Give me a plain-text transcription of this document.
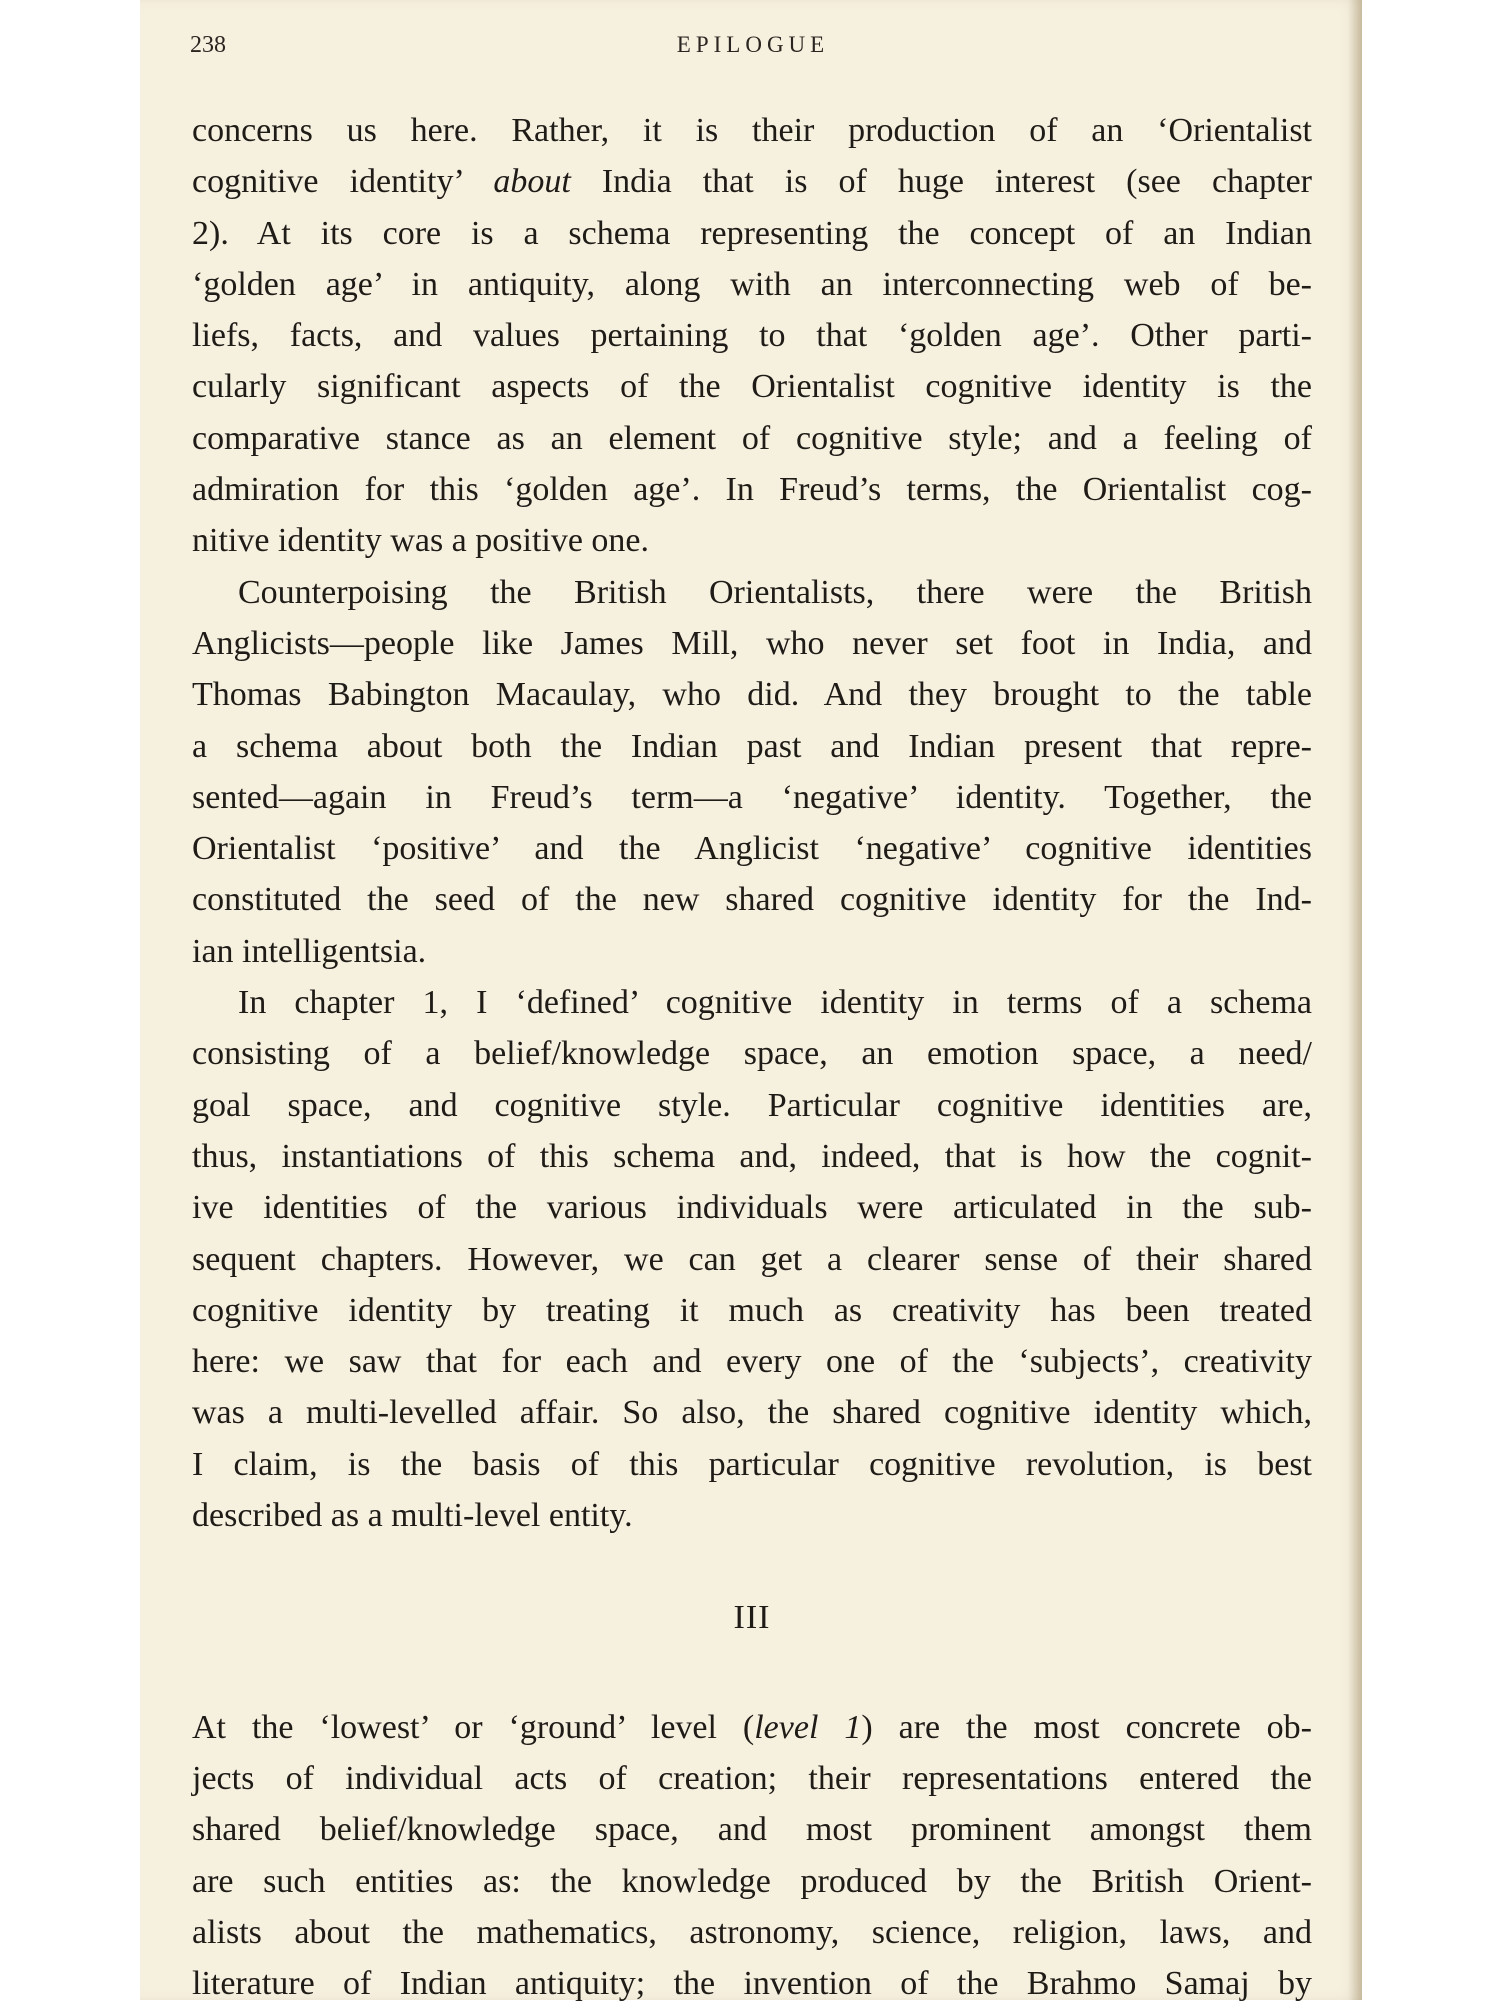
238	EPILOGUE
concerns us here. Rather, it is their production of an ‘Orientalist
cognitive identity’ about India that is of huge interest (see chapter
2). At its core is a schema representing the concept of an Indian
‘golden age’ in antiquity, along with an interconnecting web of be-
liefs, facts, and values pertaining to that ‘golden age’. Other parti-
cularly significant aspects of the Orientalist cognitive identity is the
comparative stance as an element of cognitive style; and a feeling of
admiration for this ‘golden age’. In Freud’s terms, the Orientalist cog-
nitive identity was a positive one.
Counterpoising the British Orientalists, there were the British
Anglicists—people like James Mill, who never set foot in India, and
Thomas Babington Macaulay, who did. And they brought to the table
a schema about both the Indian past and Indian present that repre-
sented—again in Freud’s term—a ‘negative’ identity. Together, the
Orientalist ‘positive’ and the Anglicist ‘negative’ cognitive identities
constituted the seed of the new shared cognitive identity for the Ind-
ian intelligentsia.
In chapter 1, I ‘defined’ cognitive identity in terms of a schema
consisting of a belief/knowledge space, an emotion space, a need/
goal space, and cognitive style. Particular cognitive identities are,
thus, instantiations of this schema and, indeed, that is how the cognit-
ive identities of the various individuals were articulated in the sub-
sequent chapters. However, we can get a clearer sense of their shared
cognitive identity by treating it much as creativity has been treated
here: we saw that for each and every one of the ‘subjects’, creativity
was a multi-levelled affair. So also, the shared cognitive identity which,
I claim, is the basis of this particular cognitive revolution, is best
described as a multi-level entity.
III
At the ‘lowest’ or ‘ground’ level (level 1) are the most concrete ob-
jects of individual acts of creation; their representations entered the
shared belief/knowledge space, and most prominent amongst them
are such entities as: the knowledge produced by the British Orient-
alists about the mathematics, astronomy, science, religion, laws, and
literature of Indian antiquity; the invention of the Brahmo Samaj by
